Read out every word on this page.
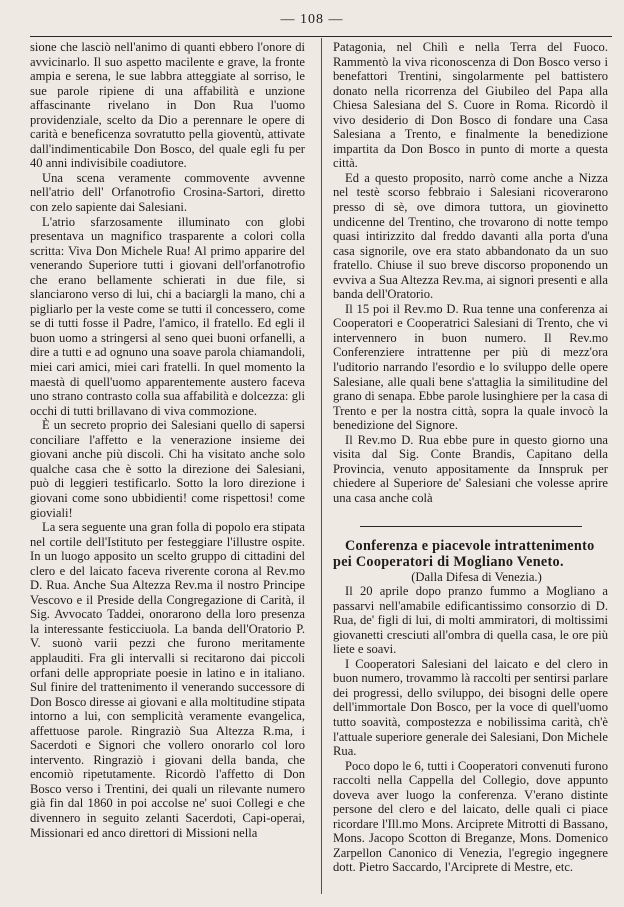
— 108 —

sione che lasciò nell'animo di quanti ebbero l'onore di avvicinarlo. Il suo aspetto macilente e grave, la fronte ampia e serena, le sue labbra atteggiate al sorriso, le sue parole ripiene di una affabilità e unzione affascinante rivelano in Don Rua l'uomo providenziale, scelto da Dio a perennare le opere di carità e beneficenza sovratutto pella gioventù, attivate dall'indimenticabile Don Bosco, del quale egli fu per 40 anni indivisibile coadiutore.

Una scena veramente commovente avvenne nell'atrio dell' Orfanotrofio Crosina-Sartori, diretto con zelo sapiente dai Salesiani.

L'atrio sfarzosamente illuminato con globi presentava un magnifico trasparente a colori colla scritta: Viva Don Michele Rua! Al primo apparire del venerando Superiore tutti i giovani dell'orfanotrofio che erano bellamente schierati in due file, si slanciarono verso di lui, chi a baciargli la mano, chi a pigliarlo per la veste come se tutti il concessero, come se di tutti fosse il Padre, l'amico, il fratello. Ed egli il buon uomo a stringersi al seno quei buoni orfanelli, a dire a tutti e ad ognuno una soave parola chiamandoli, miei cari amici, miei cari fratelli. In quel momento la maestà di quell'uomo apparentemente austero faceva uno strano contrasto colla sua affabilità e dolcezza: gli occhi di tutti brillavano di viva commozione.

È un secreto proprio dei Salesiani quello di sapersi conciliare l'affetto e la venerazione insieme dei giovani anche più discoli. Chi ha visitato anche solo qualche casa che è sotto la direzione dei Salesiani, può di leggieri testificarlo. Sotto la loro direzione i giovani come sono ubbidienti! come rispettosi! come gioviali!

La sera seguente una gran folla di popolo era stipata nel cortile dell'Istituto per festeggiare l'illustre ospite. In un luogo apposito un scelto gruppo di cittadini del clero e del laicato faceva riverente corona al Rev.mo D. Rua. Anche Sua Altezza Rev.ma il nostro Principe Vescovo e il Preside della Congregazione di Carità, il Sig. Avvocato Taddei, onorarono della loro presenza la interessante festicciuola. La banda dell'Oratorio P. V. suonò varii pezzi che furono meritamente applauditi. Fra gli intervalli si recitarono dai piccoli orfani delle appropriate poesie in latino e in italiano. Sul finire del trattenimento il venerando successore di Don Bosco diresse ai giovani e alla moltitudine stipata intorno a lui, con semplicità veramente evangelica, affettuose parole. Ringraziò Sua Altezza R.ma, i Sacerdoti e Signori che vollero onorarlo col loro intervento. Ringraziò i giovani della banda, che encomiò ripetutamente. Ricordò l'affetto di Don Bosco verso i Trentini, dei quali un rilevante numero già fin dal 1860 in poi accolse ne' suoi Collegi e che divennero in seguito zelanti Sacerdoti, Capi-operai, Missionari ed anco direttori di Missioni nella

Patagonia, nel Chilì e nella Terra del Fuoco. Rammentò la viva riconoscenza di Don Bosco verso i benefattori Trentini, singolarmente pel battistero donato nella ricorrenza del Giubileo del Papa alla Chiesa Salesiana del S. Cuore in Roma. Ricordò il vivo desiderio di Don Bosco di fondare una Casa Salesiana a Trento, e finalmente la benedizione impartita da Don Bosco in punto di morte a questa città.

Ed a questo proposito, narrò come anche a Nizza nel testè scorso febbraio i Salesiani ricoverarono presso di sè, ove dimora tuttora, un giovinetto undicenne del Trentino, che trovarono di notte tempo quasi intirizzito dal freddo davanti alla porta d'una casa signorile, ove era stato abbandonato da un suo fratello. Chiuse il suo breve discorso proponendo un evviva a Sua Altezza Rev.ma, ai signori presenti e alla banda dell'Oratorio.

Il 15 poi il Rev.mo D. Rua tenne una conferenza ai Cooperatori e Cooperatrici Salesiani di Trento, che vi intervennero in buon numero. Il Rev.mo Conferenziere intrattenne per più di mezz'ora l'uditorio narrando l'esordio e lo sviluppo delle opere Salesiane, alle quali bene s'attaglia la similitudine del grano di senapa. Ebbe parole lusinghiere per la casa di Trento e per la nostra città, sopra la quale invocò la benedizione del Signore.

Il Rev.mo D. Rua ebbe pure in questo giorno una visita dal Sig. Conte Brandis, Capitano della Provincia, venuto appositamente da Innspruk per chiedere al Superiore de' Salesiani che volesse aprire una casa anche colà

Conferenza e piacevole intrattenimento pei Cooperatori di Mogliano Veneto.

(Dalla Difesa di Venezia.)

Il 20 aprile dopo pranzo fummo a Mogliano a passarvi nell'amabile edificantissimo consorzio di D. Rua, de' figli di lui, di molti ammiratori, di moltissimi giovanetti cresciuti all'ombra di quella casa, le ore più liete e soavi.

I Cooperatori Salesiani del laicato e del clero in buon numero, trovammo là raccolti per sentirsi parlare dei progressi, dello sviluppo, dei bisogni delle opere dell'immortale Don Bosco, per la voce di quell'uomo tutto soavità, compostezza e nobilissima carità, ch'è l'attuale superiore generale dei Salesiani, Don Michele Rua.

Poco dopo le 6, tutti i Cooperatori convenuti furono raccolti nella Cappella del Collegio, dove appunto doveva aver luogo la conferenza. V'erano distinte persone del clero e del laicato, delle quali ci piace ricordare l'Ill.mo Mons. Arciprete Mitrotti di Bassano, Mons. Jacopo Scotton di Breganze, Mons. Domenico Zarpellon Canonico di Venezia, l'egregio ingegnere dott. Pietro Saccardo, l'Arciprete di Mestre, etc.
